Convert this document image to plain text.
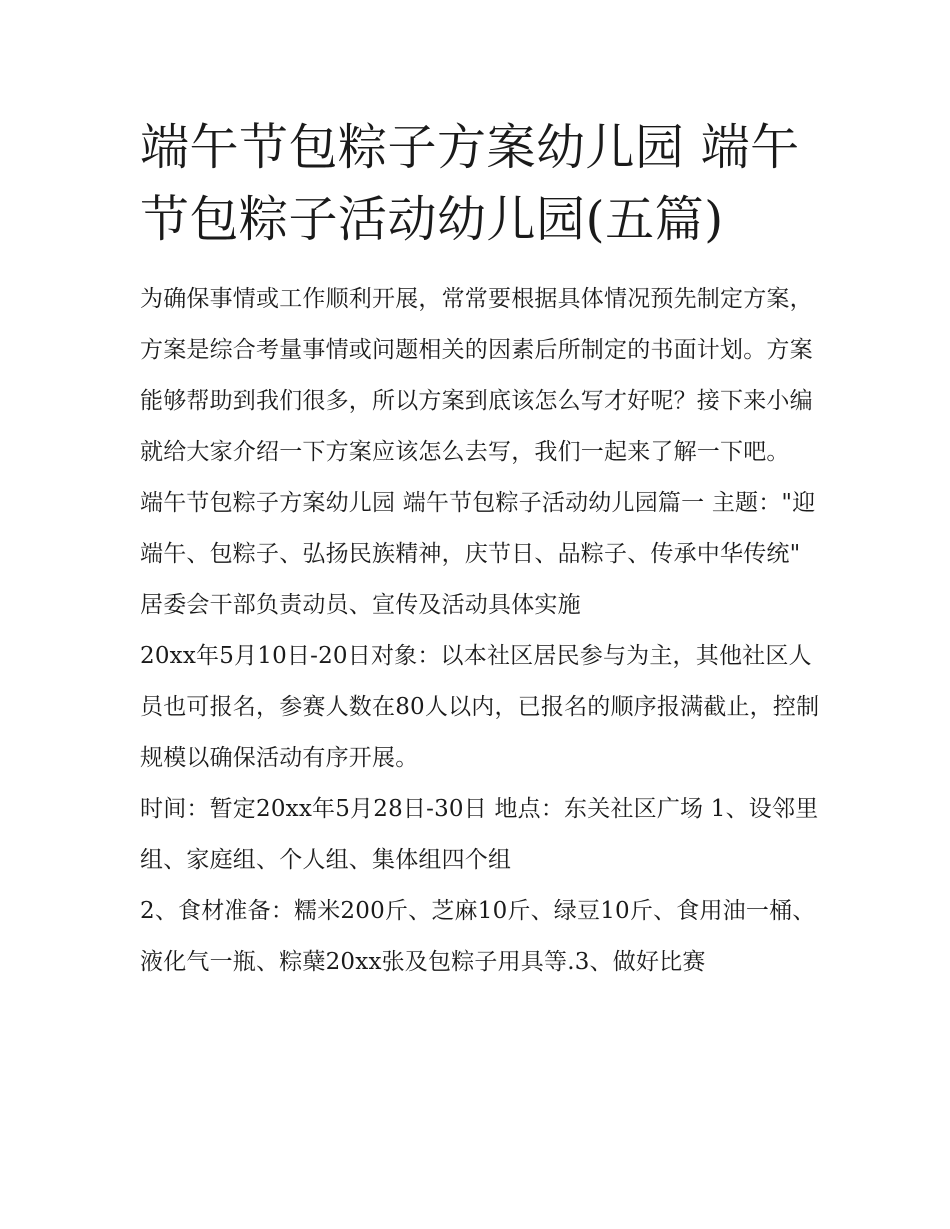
端午节包粽子方案幼儿园 端午节包粽子活动幼儿园(五篇)

为确保事情或工作顺利开展，常常要根据具体情况预先制定方案，方案是综合考量事情或问题相关的因素后所制定的书面计划。方案能够帮助到我们很多，所以方案到底该怎么写才好呢？接下来小编就给大家介绍一下方案应该怎么去写，我们一起来了解一下吧。

端午节包粽子方案幼儿园 端午节包粽子活动幼儿园篇一 主题："迎端午、包粽子、弘扬民族精神，庆节日、品粽子、传承中华传统"

居委会干部负责动员、宣传及活动具体实施

20xx年5月10日-20日对象：以本社区居民参与为主，其他社区人员也可报名，参赛人数在80人以内，已报名的顺序报满截止，控制规模以确保活动有序开展。

时间：暂定20xx年5月28日-30日 地点：东关社区广场 1、设邻里组、家庭组、个人组、集体组四个组

2、食材准备：糯米200斤、芝麻10斤、绿豆10斤、食用油一桶、液化气一瓶、粽蘖20xx张及包粽子用具等.3、做好比赛
